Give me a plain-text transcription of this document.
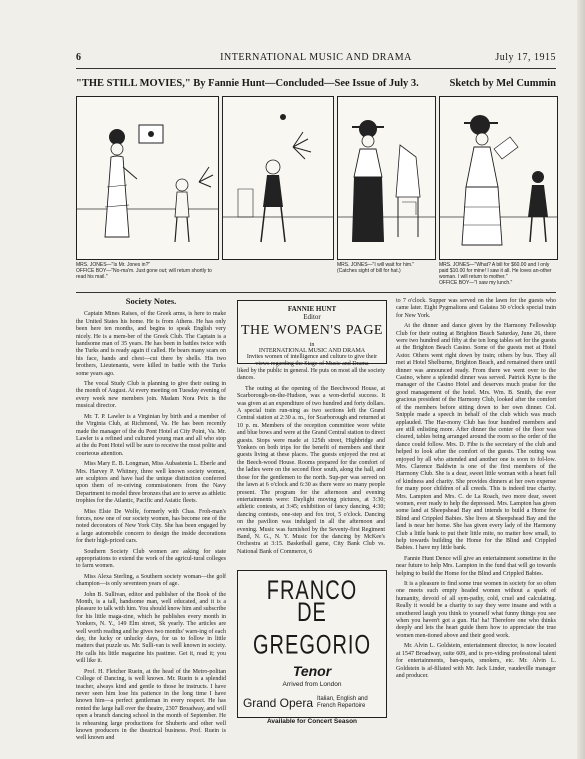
6	INTERNATIONAL MUSIC AND DRAMA	July 17, 1915
"THE STILL MOVIES," By Fannie Hunt—Concluded—See Issue of July 3.	Sketch by Mel Cummin
MRS. JONES—"Is Mr. Jones in?"
OFFICE BOY—"No-ma'm. Just gone out; will return shortly to read his mail."
MRS. JONES—"I will wait for him." (Catches sight of bill for hat.)
MRS. JONES—"What? A bill for $60.00 and I only paid $10.00 for mine! I saw it all. He loves an-other woman. I will return to mother."
OFFICE BOY—"I saw my lunch."

Society Notes.

Captain Mines Raises, of the Greek arms, is here to make the United States his home. He is from Athens. He has only been here ten months, and begins to speak English very nicely. He is a mem-ber of the Greek Club. The Captain is a handsome man of 35 years. He has been in battles twice with the Turks and is ready again if called. He bears many scars on his face, hands and chest—cut there by shells. His two brothers, Lieutenants, were killed in battle with the Turks some years ago.

The vocal Study Club is planning to give their outing in the month of August. At every meeting on Tuesday evening of every week new members join. Madam Nora Peix is the musical director.

Mr. T. P. Lawler is a Virginian by birth and a member of the Virginia Club, at Richmond, Va. He has been recently made the manager of the du Pont Hotel at City Point, Va. Mr. Lawler is a refined and cultured young man and all who stop at the du Pont Hotel will be sure to receive the most polite and courteous attention.

Miss Mary E. B. Longman, Miss Aubastenia L. Eberle and Mrs. Harvey P. Whitney, three well known society women, are sculptors and have had the unique distinction conferred upon them of re-ceiving commissioners from the Navy Department to model three bronzes that are to serve as athletic trophies for the Atlantic, Pacific and Asiatic fleets.

Miss Elsie De Wolfe, formerly with Chas. Froh-man's forces, now one of our society women, has become one of the noted decorators of New York City. She has been engaged by a large automobile concern to design the inside decorations for their high-priced cars.

Southern Society Club women are asking for state appropriations to extend the work of the agricul-tural colleges to farm women.

Miss Alexa Sterling, a Southern society woman—the golf champion—is only seventeen years of age.

John B. Sullivan, editor and publisher of the Book of the Month, is a tall, handsome man, well educated, and it is a pleasure to talk with him. You should know him and subscribe for his little maga-zine, which he publishes every month in Yonkers, N. Y., 149 Elm street, Sk yearly. The articles are well worth reading and he gives two months' warn-ing of each day, the lucky or unlucky days, for us to follow in little matters that puzzle us. Mr. Sulli-van is well known in society. He calls his little magazine his pastime. Get it, read it; you will like it.

Prof. H. Fletcher Ruein, at the head of the Metro-politan College of Dancing, is well known. Mr. Ruein is a splendid teacher, always kind and gentle to those he instructs. I have never seen him lose his patience in the long time I have known him—a perfect gentleman in every respect. He has rented the large hall over the theatre, 2307 Broadway, and will open a branch dancing school in the month of September. He is rehearsing large productions for Shuberts and other well known producers in the theatrical business. Prof. Ruein is well known and

FANNIE HUNT
Editor
THE WOMEN'S PAGE
in
INTERNATIONAL MUSIC AND DRAMA
Invites women of intelligence and culture to give their views regarding the Stage of Music and Drama

liked by the public in general. He puts on most all the society dances.

The outing at the opening of the Beechwood House, at Scarborough-on-the-Hudson, was a won-derful success. It was given at an expenditure of two hundred and forty dollars. A special train run-ning as two sections left the Grand Central station at 2:30 a. m., for Scarborough and returned at 10 p. m. Members of the reception committee wore white and blue bows and were at the Grand Central station to direct guests. Stops were made at 125th street, Highbridge and Yonkers on both trips for the benefit of members and their guests living at these places. The guests enjoyed the rest at the Beech-wood House. Rooms prepared for the comfort of the ladies were on the second floor south, along the hall, and those for the gentlemen to the north. Sup-per was served on the lawn at 6 o'clock and 6:30 as there were so many people present. The program for the afternoon and evening entertainments were: Daylight moving pictures, at 3:30; athletic contests, at 3:45; exhibition of fancy dancing, 4:30; dancing contests, one-step and fox trot, 5 o'clock. Dancing on the pavilion was indulged in all the afternoon and evening. Music was furnished by the Seventy-first Regiment Band, N. G., N. Y. Music for the dancing by McKee's Orchestra at 3:15. Basketball game, City Bank Club vs. National Bank of Commerce, 6

FRANCO
DE GREGORIO
Tenor
Arrived from London
Grand Opera Italian, English and French Repertoire
Available for Concert Season

to 7 o'clock. Supper was served on the lawn for the guests who came later. Eight Pygmalions and Galatea 30 o'clock special train for New York.

At the dinner and dance given by the Harmony Fellowship Club for their outing at Brighton Beach Saturday, June 26, there were two hundred and fifty at the ten long tables set for the guests at the Brighton Beach Casino. Some of the guests met at Hotel Astor. Others went right down by train; others by bus. They all met at Hotel Shelburne, Brighton Beach, and remained there until dinner was announced ready. From there we went over to the Casino, where a splendid dinner was served. Patrick Kyne is the manager of the Casino Hotel and deserves much praise for the good management of the hotel. Mrs. Wm. B. Smith, the ever gracious president of the Harmony Club, looked after the comfort of the members before sitting down to her own dinner. Col. Snipple made a speech in behalf of the club which was much applauded. The Har-mony Club has four hundred members and are still enlisting more. After dinner the center of the floor was cleared, tables being arranged around the room so the order of the dance could follow. Mrs. D. Fibe is the secretary of the club and helped to look after the comfort of the guests. The outing was enjoyed by all who attended and another one is soon to fol-low. Mrs. Clarence Baldwin is one of the first members of the Harmony Club. She is a dear, sweet little woman with a heart full of kindness and charity. She provides dinners at her own expense for many poor children of all creeds. This is indeed true charity. Mrs. Lampton and Mrs. C. de La Roach, two more dear, sweet women, ever ready to help the depressed. Mrs. Lampton has given some land at Sheepshead Bay and intends to build a Home for Blind and Crippled Babies. She lives at Sheepshead Bay and the land is near her home. She has given every lady of the Harmony Club a little bank to put their little mite, no matter how small, to help towards building the Home for the Blind and Crippled Babies. I have my little bank.

Fannie Hunt Dence will give an entertainment sometime in the near future to help Mrs. Lampton in the fund that will go towards helping to build the Home for the Blind and Crippled Babies.

It is a pleasure to find some true women in society for so often one meets such empty headed women without a spark of humanity, devoid of all sym-pathy, cold, cruel and calculating. Really it would be a charity to say they were insane and with a smothered laugh you think to yourself what funny things you see when you haven't got a gun. Ha! ha! Therefore one who thinks deeply and lets the heart guide them how to appreciate the true women men-tioned above and their good work.

Mr. Alvin L. Goldstein, entertainment director, is now located at 1547 Broadway, suite 609, and is pro-viding professional talent for entertainments, ban-quets, smokers, etc. Mr. Alvin L. Goldstein is af-filiated with Mr. Jack Linder, vaudeville manager and producer.
